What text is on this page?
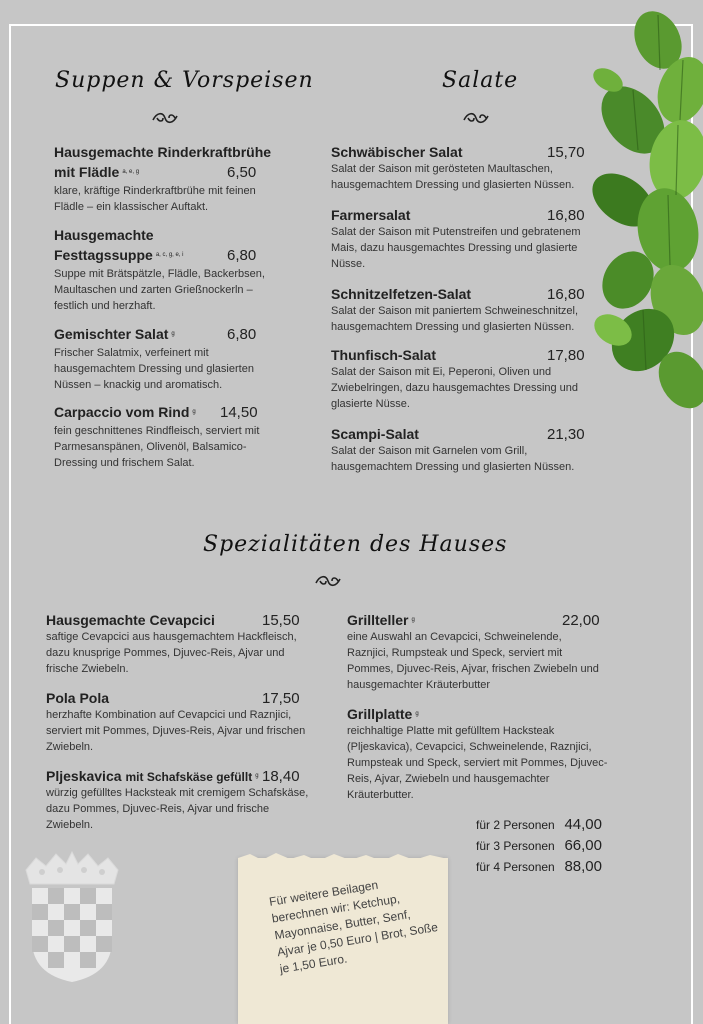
Suppen & Vorspeisen	Salate
Hausgemachte Rinderkraftbrühe
mit Flädle a, e, g	6,50
klare, kräftige Rinderkraftbrühe mit feinen Flädle – ein klassischer Auftakt.
Hausgemachte
Festtagssuppe a, c, g, e, i	6,80
Suppe mit Brätspätzle, Flädle, Backerbsen, Maultaschen und zarten Grießnockerln – festlich und herzhaft.
Gemischter Salat g	6,80
Frischer Salatmix, verfeinert mit hausgemachtem Dressing und glasierten Nüssen – knackig und aromatisch.
Carpaccio vom Rind g 14,50
fein geschnittenes Rindfleisch, serviert mit Parmesanspänen, Olivenöl, Balsamico-Dressing und frischem Salat.
Schwäbischer Salat	15,70
Salat der Saison mit gerösteten Maultaschen, hausgemachtem Dressing und glasierten Nüssen.
Farmersalat	16,80
Salat der Saison mit Putenstreifen und gebratenem Mais, dazu hausgemachtes Dressing und glasierte Nüsse.
Schnitzelfetzen-Salat	16,80
Salat der Saison mit paniertem Schweineschnitzel, hausgemachtem Dressing und glasierten Nüssen.
Thunfisch-Salat	17,80
Salat der Saison mit Ei, Peperoni, Oliven und Zwiebelringen, dazu hausgemachtes Dressing und glasierte Nüsse.
Scampi-Salat	21,30
Salat der Saison mit Garnelen vom Grill, hausgemachtem Dressing und glasierten Nüssen.
Spezialitäten des Hauses
Hausgemachte Cevapcici	15,50
saftige Cevapcici aus hausgemachtem Hackfleisch, dazu knusprige Pommes, Djuvec-Reis, Ajvar und frische Zwiebeln.
Pola Pola	17,50
herzhafte Kombination auf Cevapcici und Raznjici, serviert mit Pommes, Djuves-Reis, Ajvar und frischen Zwiebeln.
Pljeskavica mit Schafskäse gefüllt g 18,40
würzig gefülltes Hacksteak mit cremigem Schafskäse, dazu Pommes, Djuvec-Reis, Ajvar und frische Zwiebeln.
Grillteller g	22,00
eine Auswahl an Cevapcici, Schweinelende, Raznjici, Rumpsteak und Speck, serviert mit Pommes, Djuvec-Reis, Ajvar, frischen Zwiebeln und hausgemachter Kräuterbutter
Grillplatte g
reichhaltige Platte mit gefülltem Hacksteak (Pljeskavica), Cevapcici, Schweinelende, Raznjici, Rumpsteak und Speck, serviert mit Pommes, Djuvec-Reis, Ajvar, Zwiebeln und hausgemachter Kräuterbutter.
für 2 Personen 44,00
für 3 Personen 66,00
für 4 Personen 88,00
Für weitere Beilagen berechnen wir: Ketchup, Mayonnaise, Butter, Senf, Ajvar je 0,50 Euro | Brot, Soße je 1,50 Euro.
